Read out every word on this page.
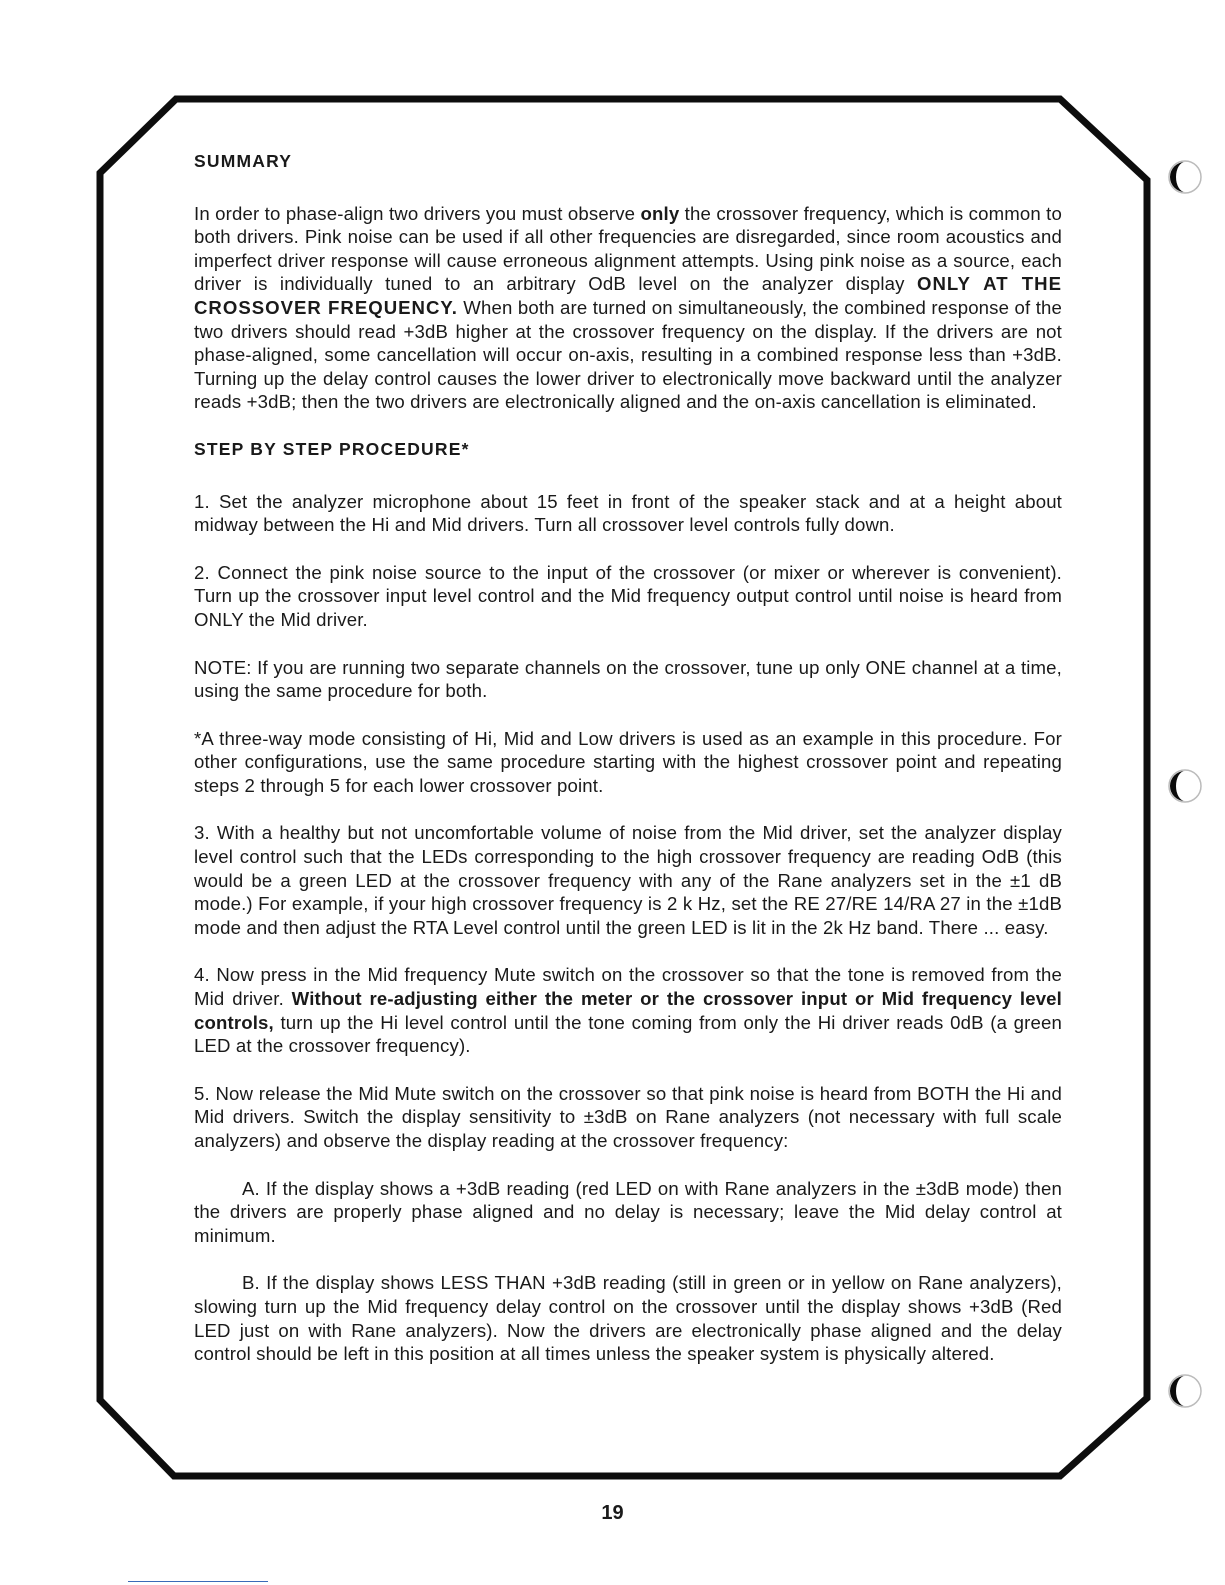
SUMMARY

In order to phase-align two drivers you must observe only the crossover frequency, which is common to both drivers. Pink noise can be used if all other frequencies are disregarded, since room acoustics and imperfect driver response will cause erroneous alignment attempts. Using pink noise as a source, each driver is individually tuned to an arbitrary OdB level on the analyzer display ONLY AT THE CROSSOVER FREQUENCY. When both are turned on simultaneously, the combined response of the two drivers should read +3dB higher at the crossover frequency on the display. If the drivers are not phase-aligned, some cancellation will occur on-axis, resulting in a combined response less than +3dB. Turning up the delay control causes the lower driver to electronically move backward until the analyzer reads +3dB; then the two drivers are electronically aligned and the on-axis cancellation is eliminated.

STEP BY STEP PROCEDURE*

1. Set the analyzer microphone about 15 feet in front of the speaker stack and at a height about midway between the Hi and Mid drivers. Turn all crossover level controls fully down.

2. Connect the pink noise source to the input of the crossover (or mixer or wherever is convenient). Turn up the crossover input level control and the Mid frequency output control until noise is heard from ONLY the Mid driver.

NOTE: If you are running two separate channels on the crossover, tune up only ONE channel at a time, using the same procedure for both.

*A three-way mode consisting of Hi, Mid and Low drivers is used as an example in this procedure. For other configurations, use the same procedure starting with the highest crossover point and repeating steps 2 through 5 for each lower crossover point.

3. With a healthy but not uncomfortable volume of noise from the Mid driver, set the analyzer display level control such that the LEDs corresponding to the high crossover frequency are reading OdB (this would be a green LED at the crossover frequency with any of the Rane analyzers set in the ±1 dB mode.) For example, if your high crossover frequency is 2 k Hz, set the RE 27/RE 14/RA 27 in the ±1dB mode and then adjust the RTA Level control until the green LED is lit in the 2k Hz band. There ... easy.

4. Now press in the Mid frequency Mute switch on the crossover so that the tone is removed from the Mid driver. Without re-adjusting either the meter or the crossover input or Mid frequency level controls, turn up the Hi level control until the tone coming from only the Hi driver reads 0dB (a green LED at the crossover frequency).

5. Now release the Mid Mute switch on the crossover so that pink noise is heard from BOTH the Hi and Mid drivers. Switch the display sensitivity to ±3dB on Rane analyzers (not necessary with full scale analyzers) and observe the display reading at the crossover frequency:

A. If the display shows a +3dB reading (red LED on with Rane analyzers in the ±3dB mode) then the drivers are properly phase aligned and no delay is necessary; leave the Mid delay control at minimum.

B. If the display shows LESS THAN +3dB reading (still in green or in yellow on Rane analyzers), slowing turn up the Mid frequency delay control on the crossover until the display shows +3dB (Red LED just on with Rane analyzers). Now the drivers are electronically phase aligned and the delay control should be left in this position at all times unless the speaker system is physically altered.

19
